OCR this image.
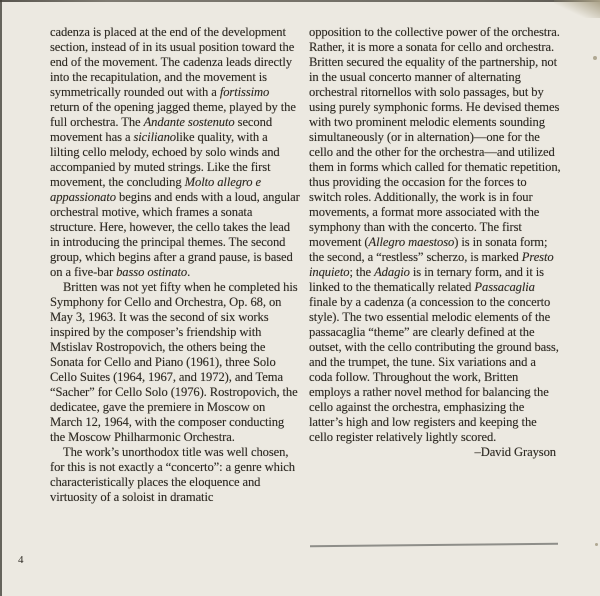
cadenza is placed at the end of the development section, instead of in its usual position toward the end of the movement. The cadenza leads directly into the recapitulation, and the movement is symmetrically rounded out with a fortissimo return of the opening jagged theme, played by the full orchestra. The Andante sostenuto second movement has a sicilianolike quality, with a lilting cello melody, echoed by solo winds and accompanied by muted strings. Like the first movement, the concluding Molto allegro e appassionato begins and ends with a loud, angular orchestral motive, which frames a sonata structure. Here, however, the cello takes the lead in introducing the principal themes. The second group, which begins after a grand pause, is based on a five-bar basso ostinato.

Britten was not yet fifty when he completed his Symphony for Cello and Orchestra, Op. 68, on May 3, 1963. It was the second of six works inspired by the composer’s friendship with Mstislav Rostropovich, the others being the Sonata for Cello and Piano (1961), three Solo Cello Suites (1964, 1967, and 1972), and Tema “Sacher” for Cello Solo (1976). Rostropovich, the dedicatee, gave the premiere in Moscow on March 12, 1964, with the composer conducting the Moscow Philharmonic Orchestra.

The work’s unorthodox title was well chosen, for this is not exactly a “concerto”: a genre which characteristically places the eloquence and virtuosity of a soloist in dramatic

opposition to the collective power of the orchestra. Rather, it is more a sonata for cello and orchestra. Britten secured the equality of the partnership, not in the usual concerto manner of alternating orchestral ritornellos with solo passages, but by using purely symphonic forms. He devised themes with two prominent melodic elements sounding simultaneously (or in alternation)—one for the cello and the other for the orchestra—and utilized them in forms which called for thematic repetition, thus providing the occasion for the forces to switch roles. Additionally, the work is in four movements, a format more associated with the symphony than with the concerto. The first movement (Allegro maestoso) is in sonata form; the second, a “restless” scherzo, is marked Presto inquieto; the Adagio is in ternary form, and it is linked to the thematically related Passacaglia finale by a cadenza (a concession to the concerto style). The two essential melodic elements of the passacaglia “theme” are clearly defined at the outset, with the cello contributing the ground bass, and the trumpet, the tune. Six variations and a coda follow. Throughout the work, Britten employs a rather novel method for balancing the cello against the orchestra, emphasizing the latter’s high and low registers and keeping the cello register relatively lightly scored.

–David Grayson

4
